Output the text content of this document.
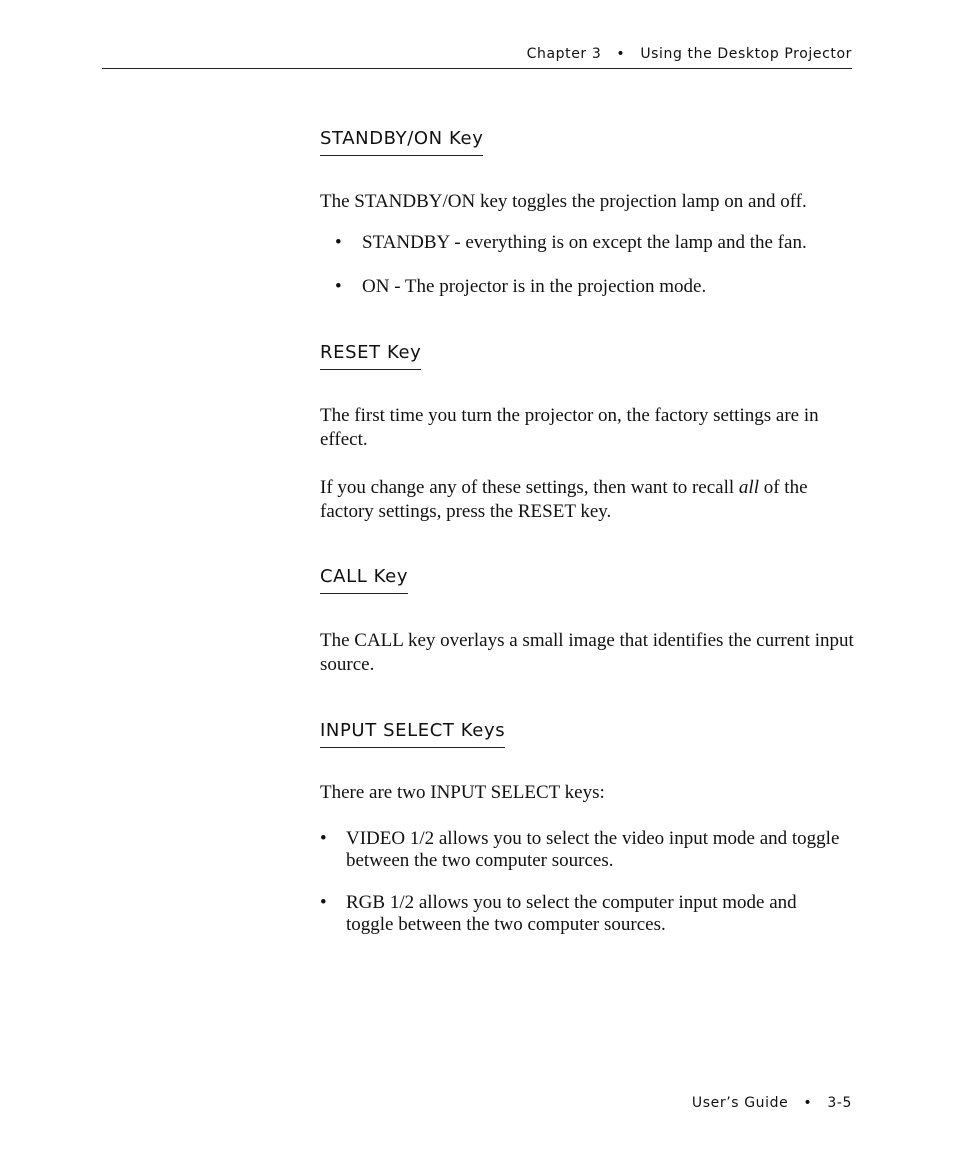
Chapter 3 • Using the Desktop Projector
STANDBY/ON Key
The STANDBY/ON key toggles the projection lamp on and off.
• STANDBY - everything is on except the lamp and the fan.
• ON - The projector is in the projection mode.
RESET Key
The first time you turn the projector on, the factory settings are in effect.
If you change any of these settings, then want to recall all of the factory settings, press the RESET key.
CALL Key
The CALL key overlays a small image that identifies the current input source.
INPUT SELECT Keys
There are two INPUT SELECT keys:
• VIDEO 1/2 allows you to select the video input mode and toggle between the two computer sources.
• RGB 1/2 allows you to select the computer input mode and toggle between the two computer sources.
User’s Guide • 3-5
